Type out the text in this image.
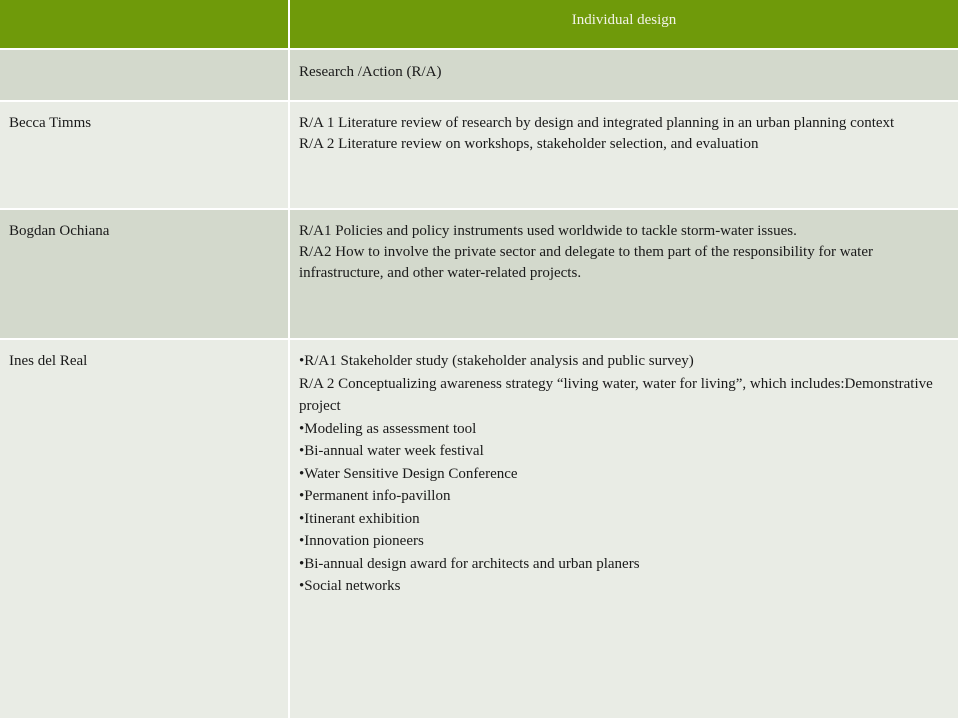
Individual design
Research /Action (R/A)
Becca Timms	R/A 1 Literature review of research by design and integrated planning in an urban planning context
R/A 2 Literature review on workshops, stakeholder selection, and evaluation
Bogdan Ochiana	R/A1 Policies and policy instruments used worldwide to tackle storm-water issues.
R/A2 How to involve the private sector and delegate to them part of the responsibility for water infrastructure, and other water-related projects.
Ines del Real	•R/A1 Stakeholder study (stakeholder analysis and public survey)
R/A 2 Conceptualizing awareness strategy “living water, water for living”, which includes:Demonstrative project
•Modeling as assessment tool
•Bi-annual water week festival
•Water Sensitive Design Conference
•Permanent info-pavillon
•Itinerant exhibition
•Innovation pioneers
•Bi-annual design award for architects and urban planers
•Social networks
